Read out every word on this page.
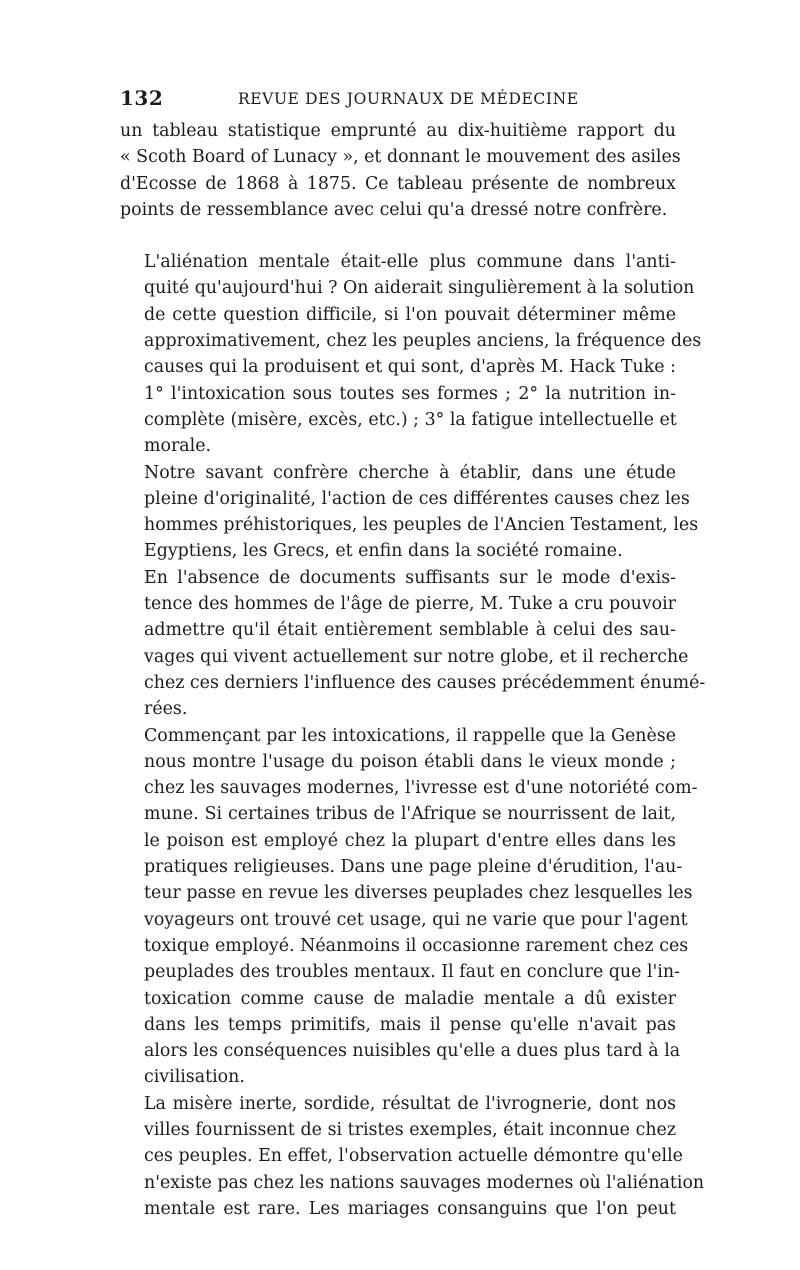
132	REVUE DES JOURNAUX DE MÉDECINE

un tableau statistique emprunté au dix-huitième rapport du
« Scoth Board of Lunacy », et donnant le mouvement des asiles
d'Ecosse de 1868 à 1875. Ce tableau présente de nombreux
points de ressemblance avec celui qu'a dressé notre confrère.

L'aliénation mentale était-elle plus commune dans l'anti-
quité qu'aujourd'hui ? On aiderait singulièrement à la solution
de cette question difficile, si l'on pouvait déterminer même
approximativement, chez les peuples anciens, la fréquence des
causes qui la produisent et qui sont, d'après M. Hack Tuke :
1° l'intoxication sous toutes ses formes ; 2° la nutrition in-
complète (misère, excès, etc.) ; 3° la fatigue intellectuelle et
morale.

Notre savant confrère cherche à établir, dans une étude
pleine d'originalité, l'action de ces différentes causes chez les
hommes préhistoriques, les peuples de l'Ancien Testament, les
Egyptiens, les Grecs, et enfin dans la société romaine.

En l'absence de documents suffisants sur le mode d'exis-
tence des hommes de l'âge de pierre, M. Tuke a cru pouvoir
admettre qu'il était entièrement semblable à celui des sau-
vages qui vivent actuellement sur notre globe, et il recherche
chez ces derniers l'influence des causes précédemment énumé-
rées.

Commençant par les intoxications, il rappelle que la Genèse
nous montre l'usage du poison établi dans le vieux monde ;
chez les sauvages modernes, l'ivresse est d'une notoriété com-
mune. Si certaines tribus de l'Afrique se nourrissent de lait,
le poison est employé chez la plupart d'entre elles dans les
pratiques religieuses. Dans une page pleine d'érudition, l'au-
teur passe en revue les diverses peuplades chez lesquelles les
voyageurs ont trouvé cet usage, qui ne varie que pour l'agent
toxique employé. Néanmoins il occasionne rarement chez ces
peuplades des troubles mentaux. Il faut en conclure que l'in-
toxication comme cause de maladie mentale a dû exister
dans les temps primitifs, mais il pense qu'elle n'avait pas
alors les conséquences nuisibles qu'elle a dues plus tard à la
civilisation.

La misère inerte, sordide, résultat de l'ivrognerie, dont nos
villes fournissent de si tristes exemples, était inconnue chez
ces peuples. En effet, l'observation actuelle démontre qu'elle
n'existe pas chez les nations sauvages modernes où l'aliénation
mentale est rare. Les mariages consanguins que l'on peut
